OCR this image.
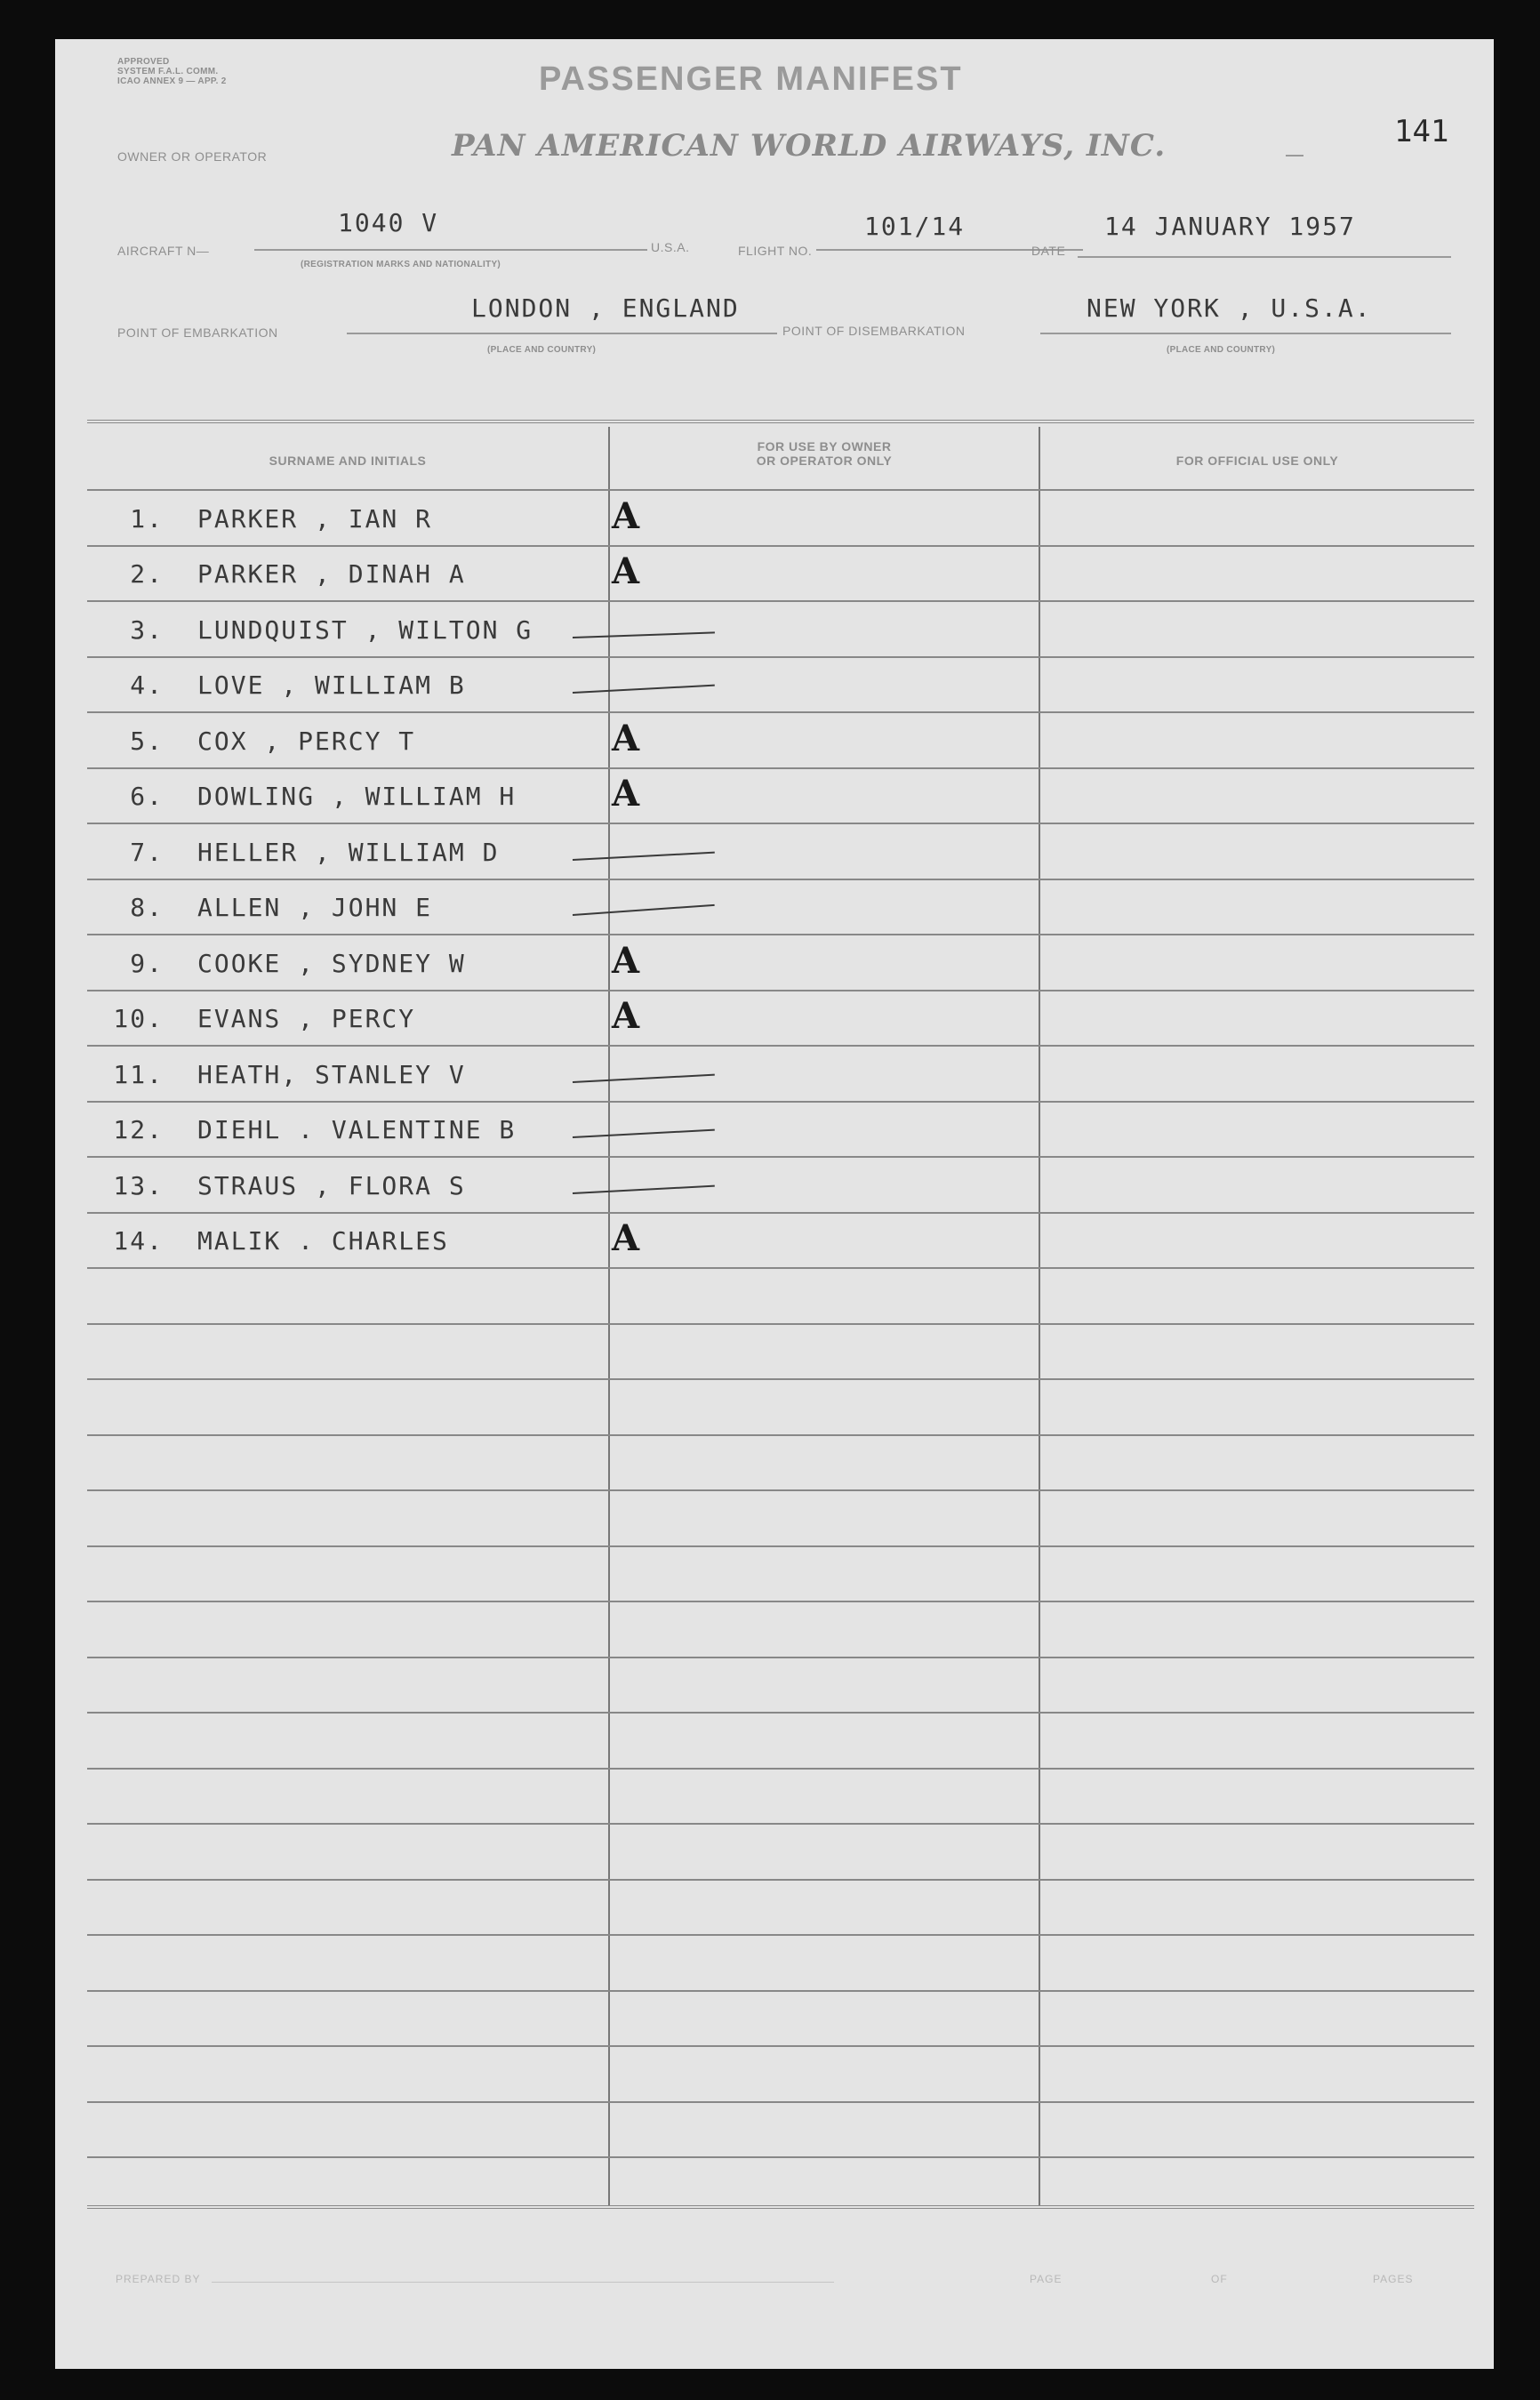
APPROVED
SYSTEM F.A.L. COMM.
ICAO ANNEX 9 — APP. 2	PASSENGER MANIFEST
141
OWNER OR OPERATOR	PAN AMERICAN WORLD AIRWAYS, INC.
AIRCRAFT N—
1040 V
(REGISTRATION MARKS AND NATIONALITY)
U.S.A.	FLIGHT NO.
101/14
DATE
14 JANUARY 1957
POINT OF EMBARKATION
LONDON , ENGLAND
(PLACE AND COUNTRY)
POINT OF DISEMBARKATION
NEW YORK , U.S.A.
(PLACE AND COUNTRY)
SURNAME AND INITIALS
FOR USE BY OWNER
OR OPERATOR ONLY	FOR OFFICIAL USE ONLY
1. PARKER , IAN R	A
2. PARKER , DINAH A	A
3. LUNDQUIST , WILTON G
4. LOVE , WILLIAM B
5. COX , PERCY T	A
6. DOWLING , WILLIAM H	A
7. HELLER , WILLIAM D
8. ALLEN , JOHN E
9. COOKE , SYDNEY W	A
10. EVANS , PERCY	A
11. HEATH, STANLEY V
12. DIEHL . VALENTINE B
13. STRAUS , FLORA S
14. MALIK . CHARLES	A
PREPARED BY	PAGE	OF	PAGES
